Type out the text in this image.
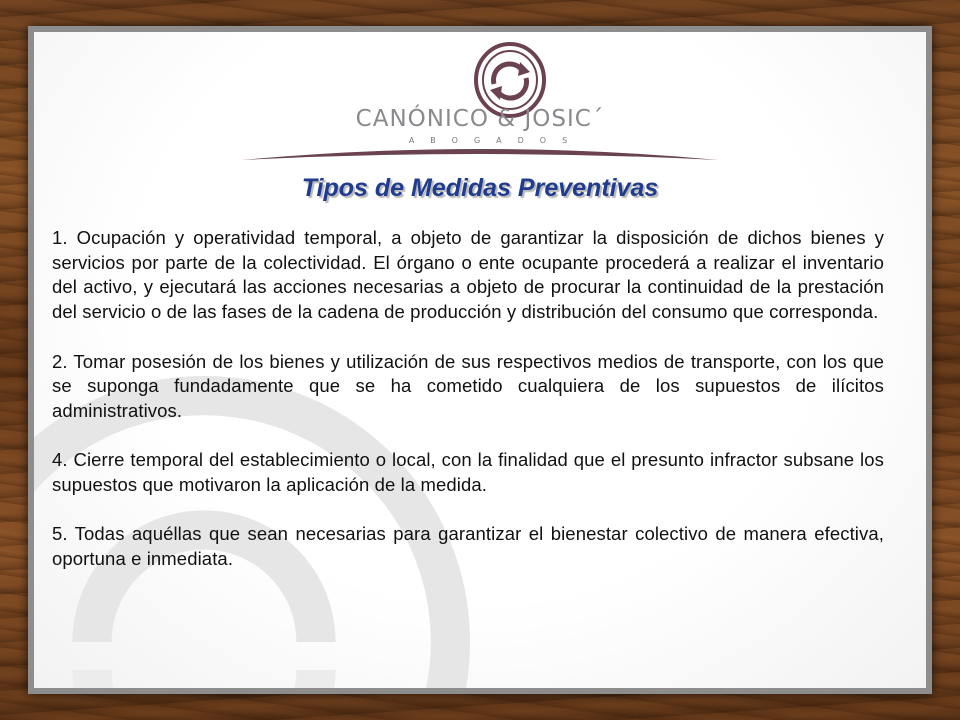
CANÓNICO & JOSIC´
ABOGADOS
Tipos de Medidas Preventivas

1. Ocupación y operatividad temporal, a objeto de garantizar la disposición de dichos bienes y servicios por parte de la colectividad. El órgano o ente ocupante procederá a realizar el inventario del activo, y ejecutará las acciones necesarias a objeto de procurar la continuidad de la prestación del servicio o de las fases de la cadena de producción y distribución del consumo que corresponda.

2. Tomar posesión de los bienes y utilización de sus respectivos medios de transporte, con los que se suponga fundadamente que se ha cometido cualquiera de los supuestos de ilícitos administrativos.

4. Cierre temporal del establecimiento o local, con la finalidad que el presunto infractor subsane los supuestos que motivaron la aplicación de la medida.

5. Todas aquéllas que sean necesarias para garantizar el bienestar colectivo de manera efectiva, oportuna e inmediata.
